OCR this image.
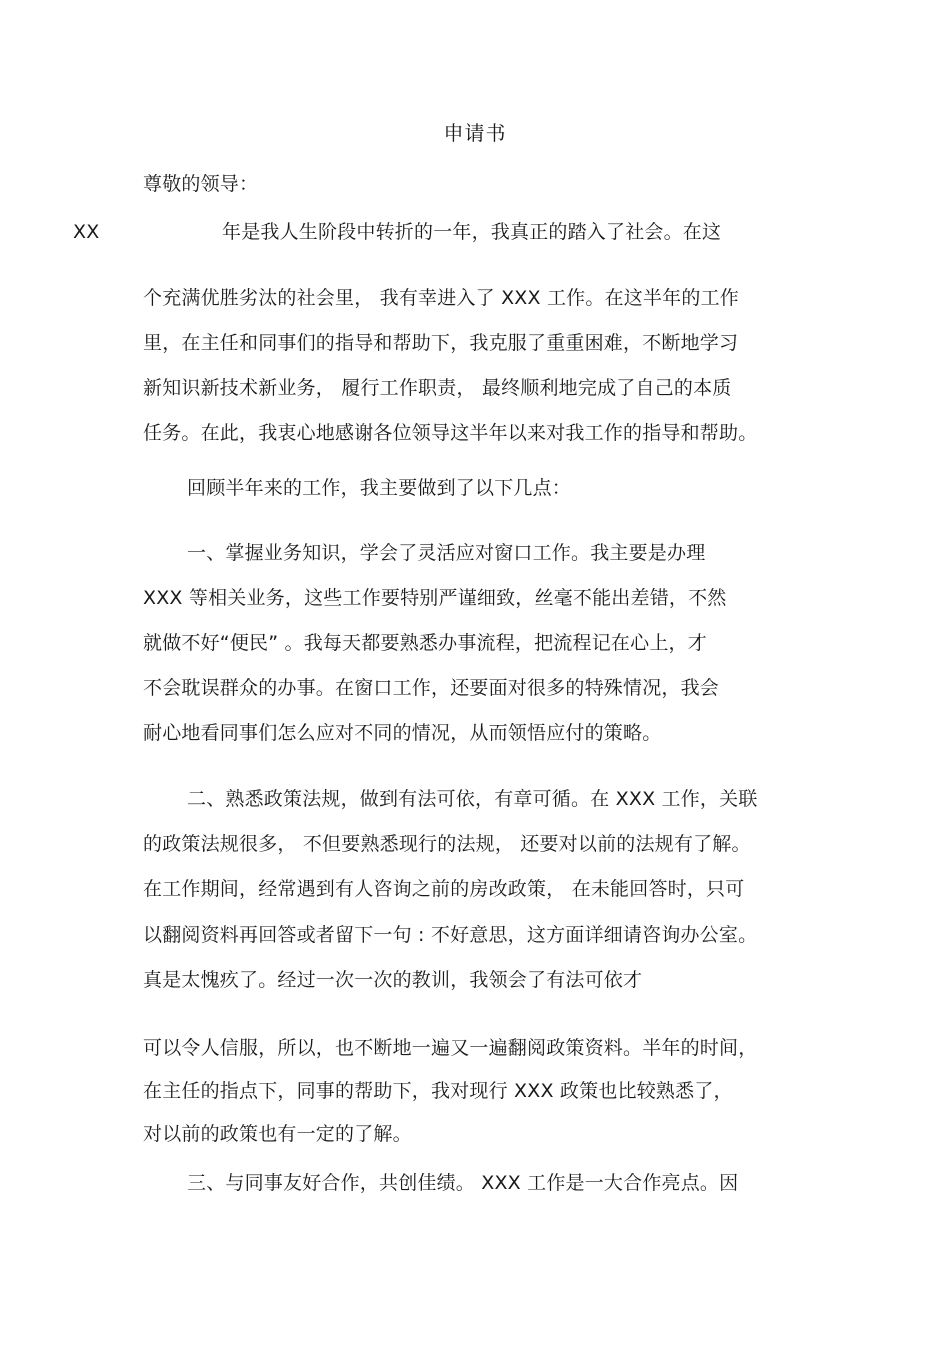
申请书
尊敬的领导：
XX	年是我人生阶段中转折的一年，我真正的踏入了社会。在这
个充满优胜劣汰的社会里， 我有幸进入了 XXX 工作。在这半年的工作
里，在主任和同事们的指导和帮助下，我克服了重重困难，不断地学习
新知识新技术新业务， 履行工作职责， 最终顺利地完成了自己的本质
任务。在此，我衷心地感谢各位领导这半年以来对我工作的指导和帮助。
回顾半年来的工作，我主要做到了以下几点：
一、掌握业务知识，学会了灵活应对窗口工作。我主要是办理
XXX 等相关业务，这些工作要特别严谨细致，丝毫不能出差错，不然
就做不好“便民” 。我每天都要熟悉办事流程，把流程记在心上，才
不会耽误群众的办事。在窗口工作，还要面对很多的特殊情况，我会
耐心地看同事们怎么应对不同的情况，从而领悟应付的策略。
二、熟悉政策法规，做到有法可依，有章可循。在 XXX 工作，关联
的政策法规很多， 不但要熟悉现行的法规， 还要对以前的法规有了解。
在工作期间，经常遇到有人咨询之前的房改政策， 在未能回答时，只可
以翻阅资料再回答或者留下一句 : 不好意思，这方面详细请咨询办公室。
真是太愧疚了。经过一次一次的教训，我领会了有法可依才
可以令人信服，所以，也不断地一遍又一遍翻阅政策资料。半年的时间，
在主任的指点下，同事的帮助下，我对现行 XXX 政策也比较熟悉了，
对以前的政策也有一定的了解。
三、与同事友好合作，共创佳绩。 XXX 工作是一大合作亮点。因
